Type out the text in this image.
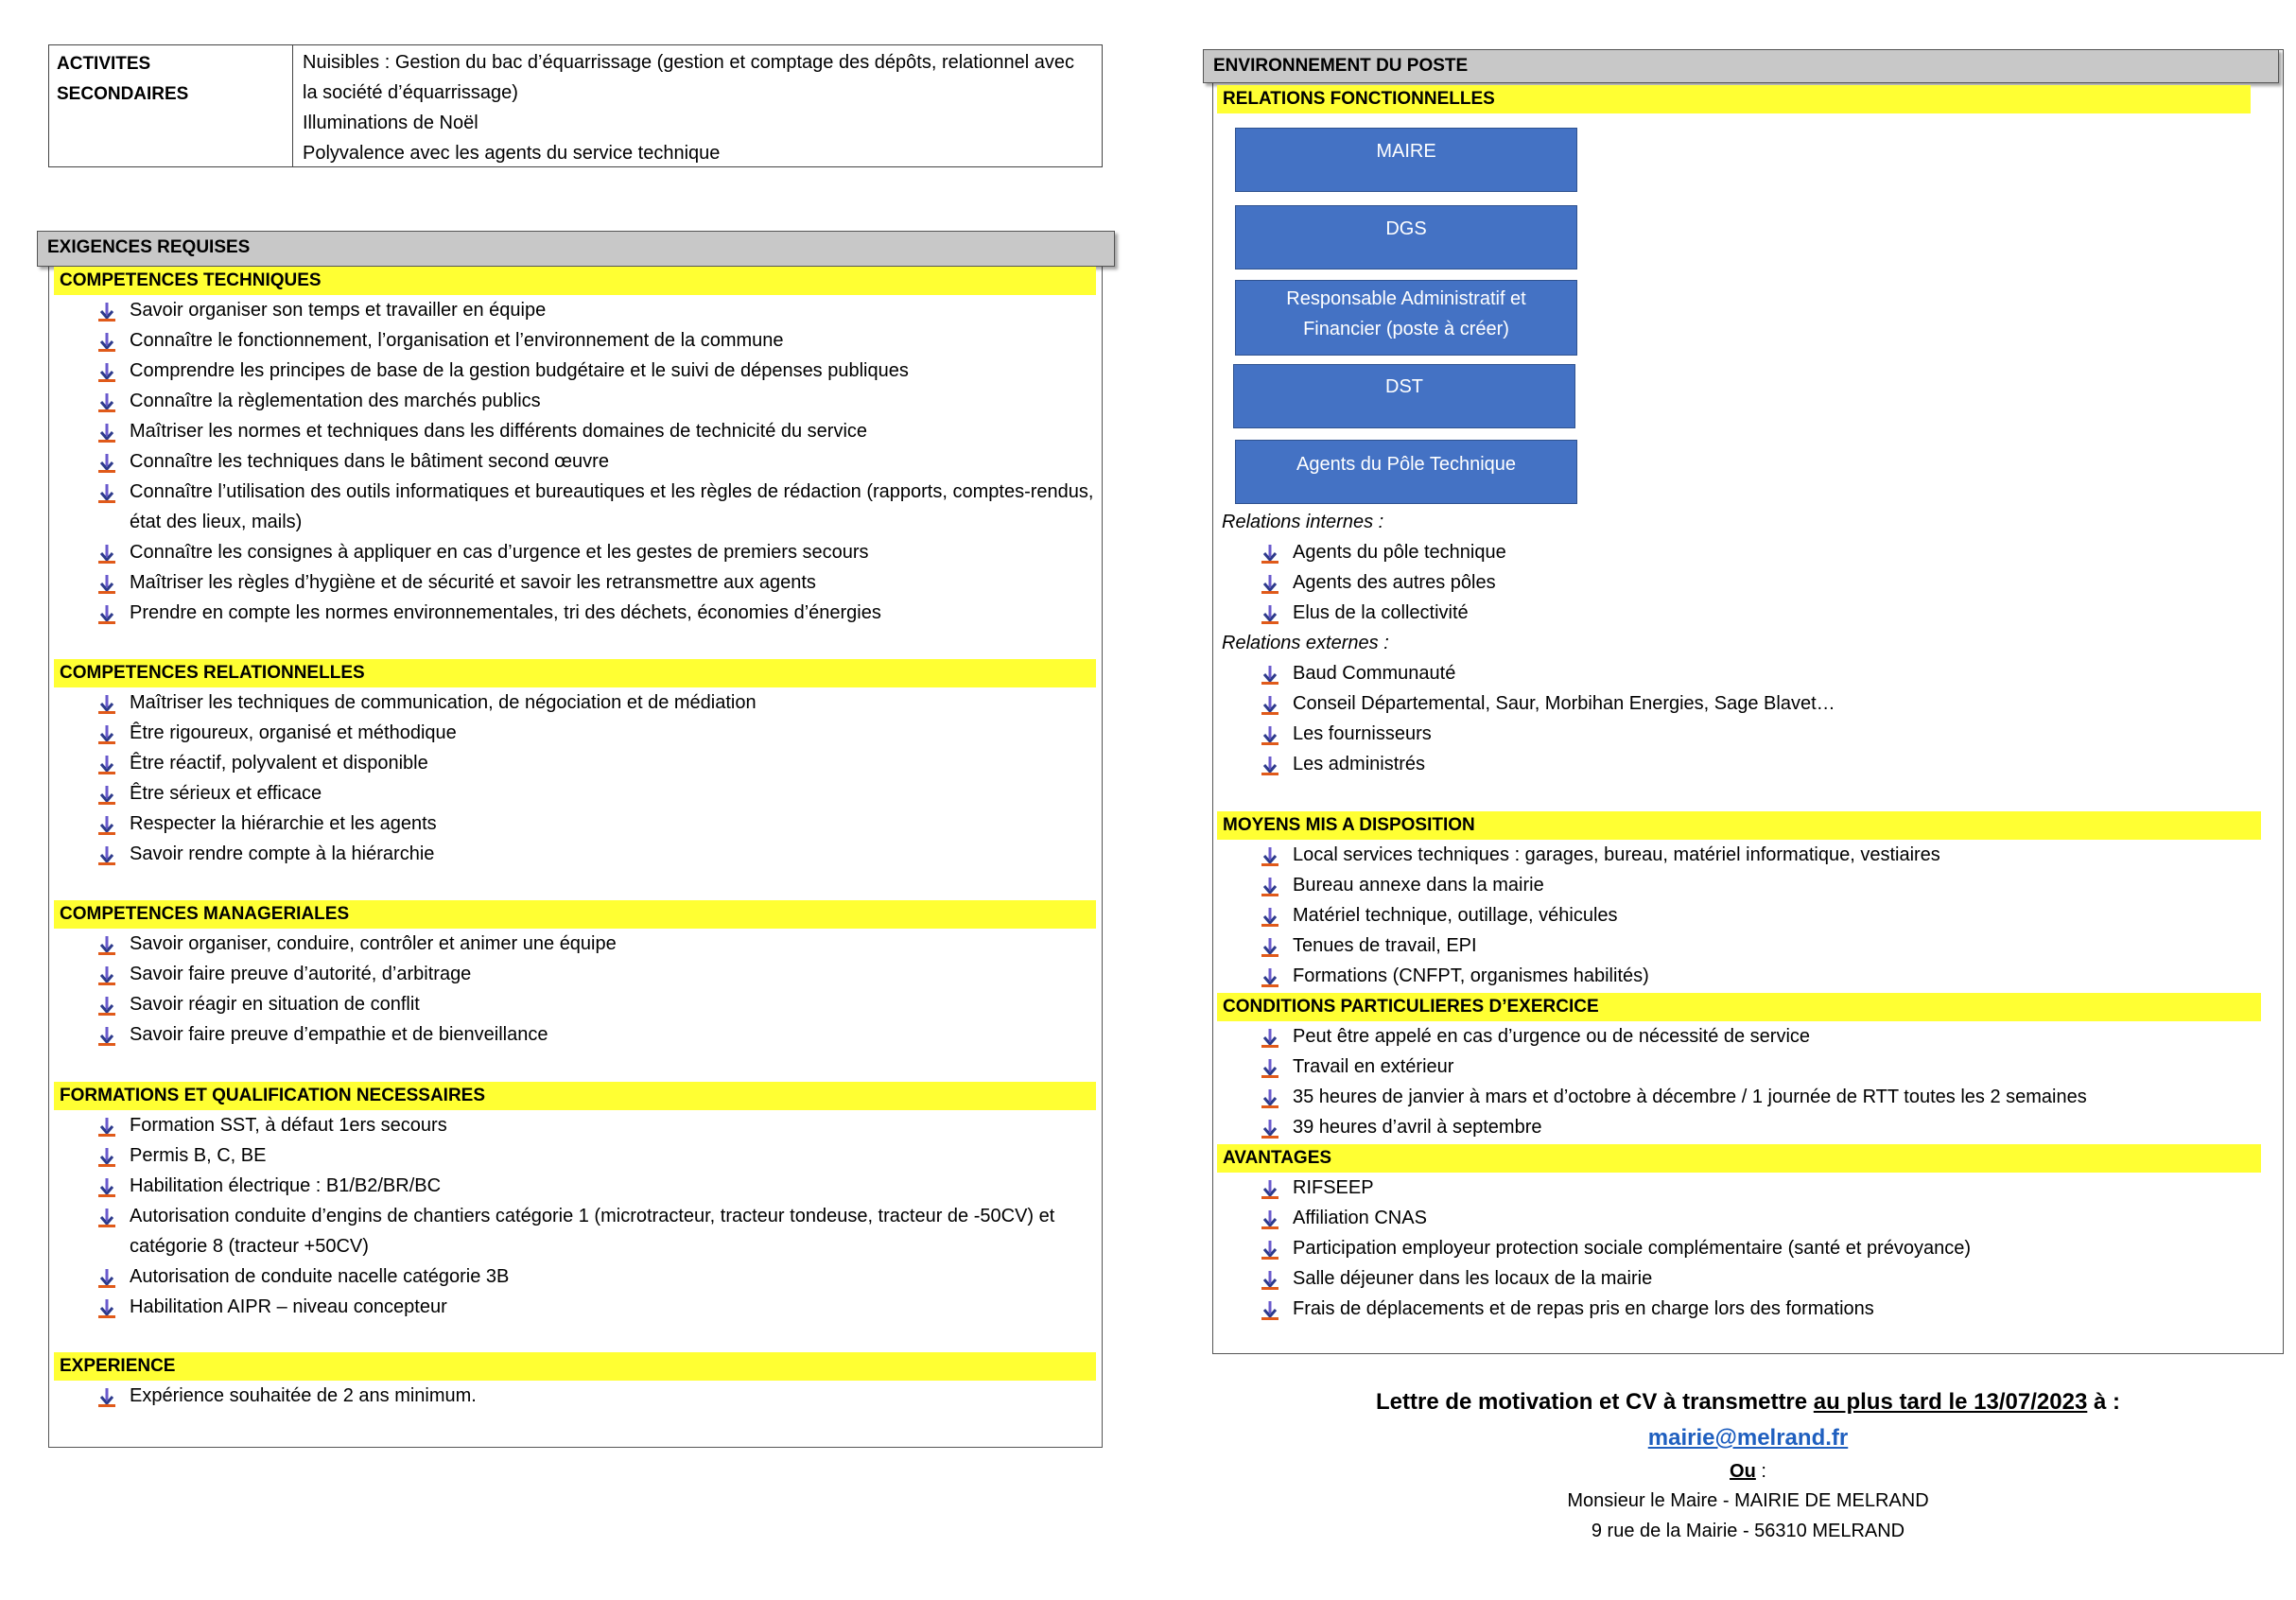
ACTIVITES SECONDAIRES
Nuisibles : Gestion du bac d’équarrissage (gestion et comptage des dépôts, relationnel avec la société d’équarrissage)
Illuminations de Noël
Polyvalence avec les agents du service technique
EXIGENCES REQUISES
COMPETENCES TECHNIQUES
Savoir organiser son temps et travailler en équipe
Connaître le fonctionnement, l’organisation et l’environnement de la commune
Comprendre les principes de base de la gestion budgétaire et le suivi de dépenses publiques
Connaître la règlementation des marchés publics
Maîtriser les normes et techniques dans les différents domaines de technicité du service
Connaître les techniques dans le bâtiment second œuvre
Connaître l’utilisation des outils informatiques et bureautiques et les règles de rédaction (rapports, comptes-rendus, état des lieux, mails)
Connaître les consignes à appliquer en cas d’urgence et les gestes de premiers secours
Maîtriser les règles d’hygiène et de sécurité et savoir les retransmettre aux agents
Prendre en compte les normes environnementales, tri des déchets, économies d’énergies
COMPETENCES RELATIONNELLES
Maîtriser les techniques de communication, de négociation et de médiation
Être rigoureux, organisé et méthodique
Être réactif, polyvalent et disponible
Être sérieux et efficace
Respecter la hiérarchie et les agents
Savoir rendre compte à la hiérarchie
COMPETENCES MANAGERIALES
Savoir organiser, conduire, contrôler et animer une équipe
Savoir faire preuve d’autorité, d’arbitrage
Savoir réagir en situation de conflit
Savoir faire preuve d’empathie et de bienveillance
FORMATIONS ET QUALIFICATION NECESSAIRES
Formation SST, à défaut 1ers secours
Permis B, C, BE
Habilitation électrique : B1/B2/BR/BC
Autorisation conduite d’engins de chantiers catégorie 1 (microtracteur, tracteur tondeuse, tracteur de -50CV) et catégorie 8 (tracteur +50CV)
Autorisation de conduite nacelle catégorie 3B
Habilitation AIPR – niveau concepteur
EXPERIENCE
Expérience souhaitée de 2 ans minimum.
ENVIRONNEMENT DU POSTE
RELATIONS FONCTIONNELLES
MAIRE
DGS
Responsable Administratif et Financier (poste à créer)
DST
Agents du Pôle Technique
Relations internes :
Agents du pôle technique
Agents des autres pôles
Elus de la collectivité
Relations externes :
Baud Communauté
Conseil Départemental, Saur, Morbihan Energies, Sage Blavet…
Les fournisseurs
Les administrés
MOYENS MIS A DISPOSITION
Local services techniques : garages, bureau, matériel informatique, vestiaires
Bureau annexe dans la mairie
Matériel technique, outillage, véhicules
Tenues de travail, EPI
Formations (CNFPT, organismes habilités)
CONDITIONS PARTICULIERES D’EXERCICE
Peut être appelé en cas d’urgence ou de nécessité de service
Travail en extérieur
35 heures de janvier à mars et d’octobre à décembre / 1 journée de RTT toutes les 2 semaines
39 heures d’avril à septembre
AVANTAGES
RIFSEEP
Affiliation CNAS
Participation employeur protection sociale complémentaire (santé et prévoyance)
Salle déjeuner dans les locaux de la mairie
Frais de déplacements et de repas pris en charge lors des formations
Lettre de motivation et CV à transmettre au plus tard le 13/07/2023 à :
mairie@melrand.fr
Ou :
Monsieur le Maire - MAIRIE DE MELRAND
9 rue de la Mairie - 56310 MELRAND
